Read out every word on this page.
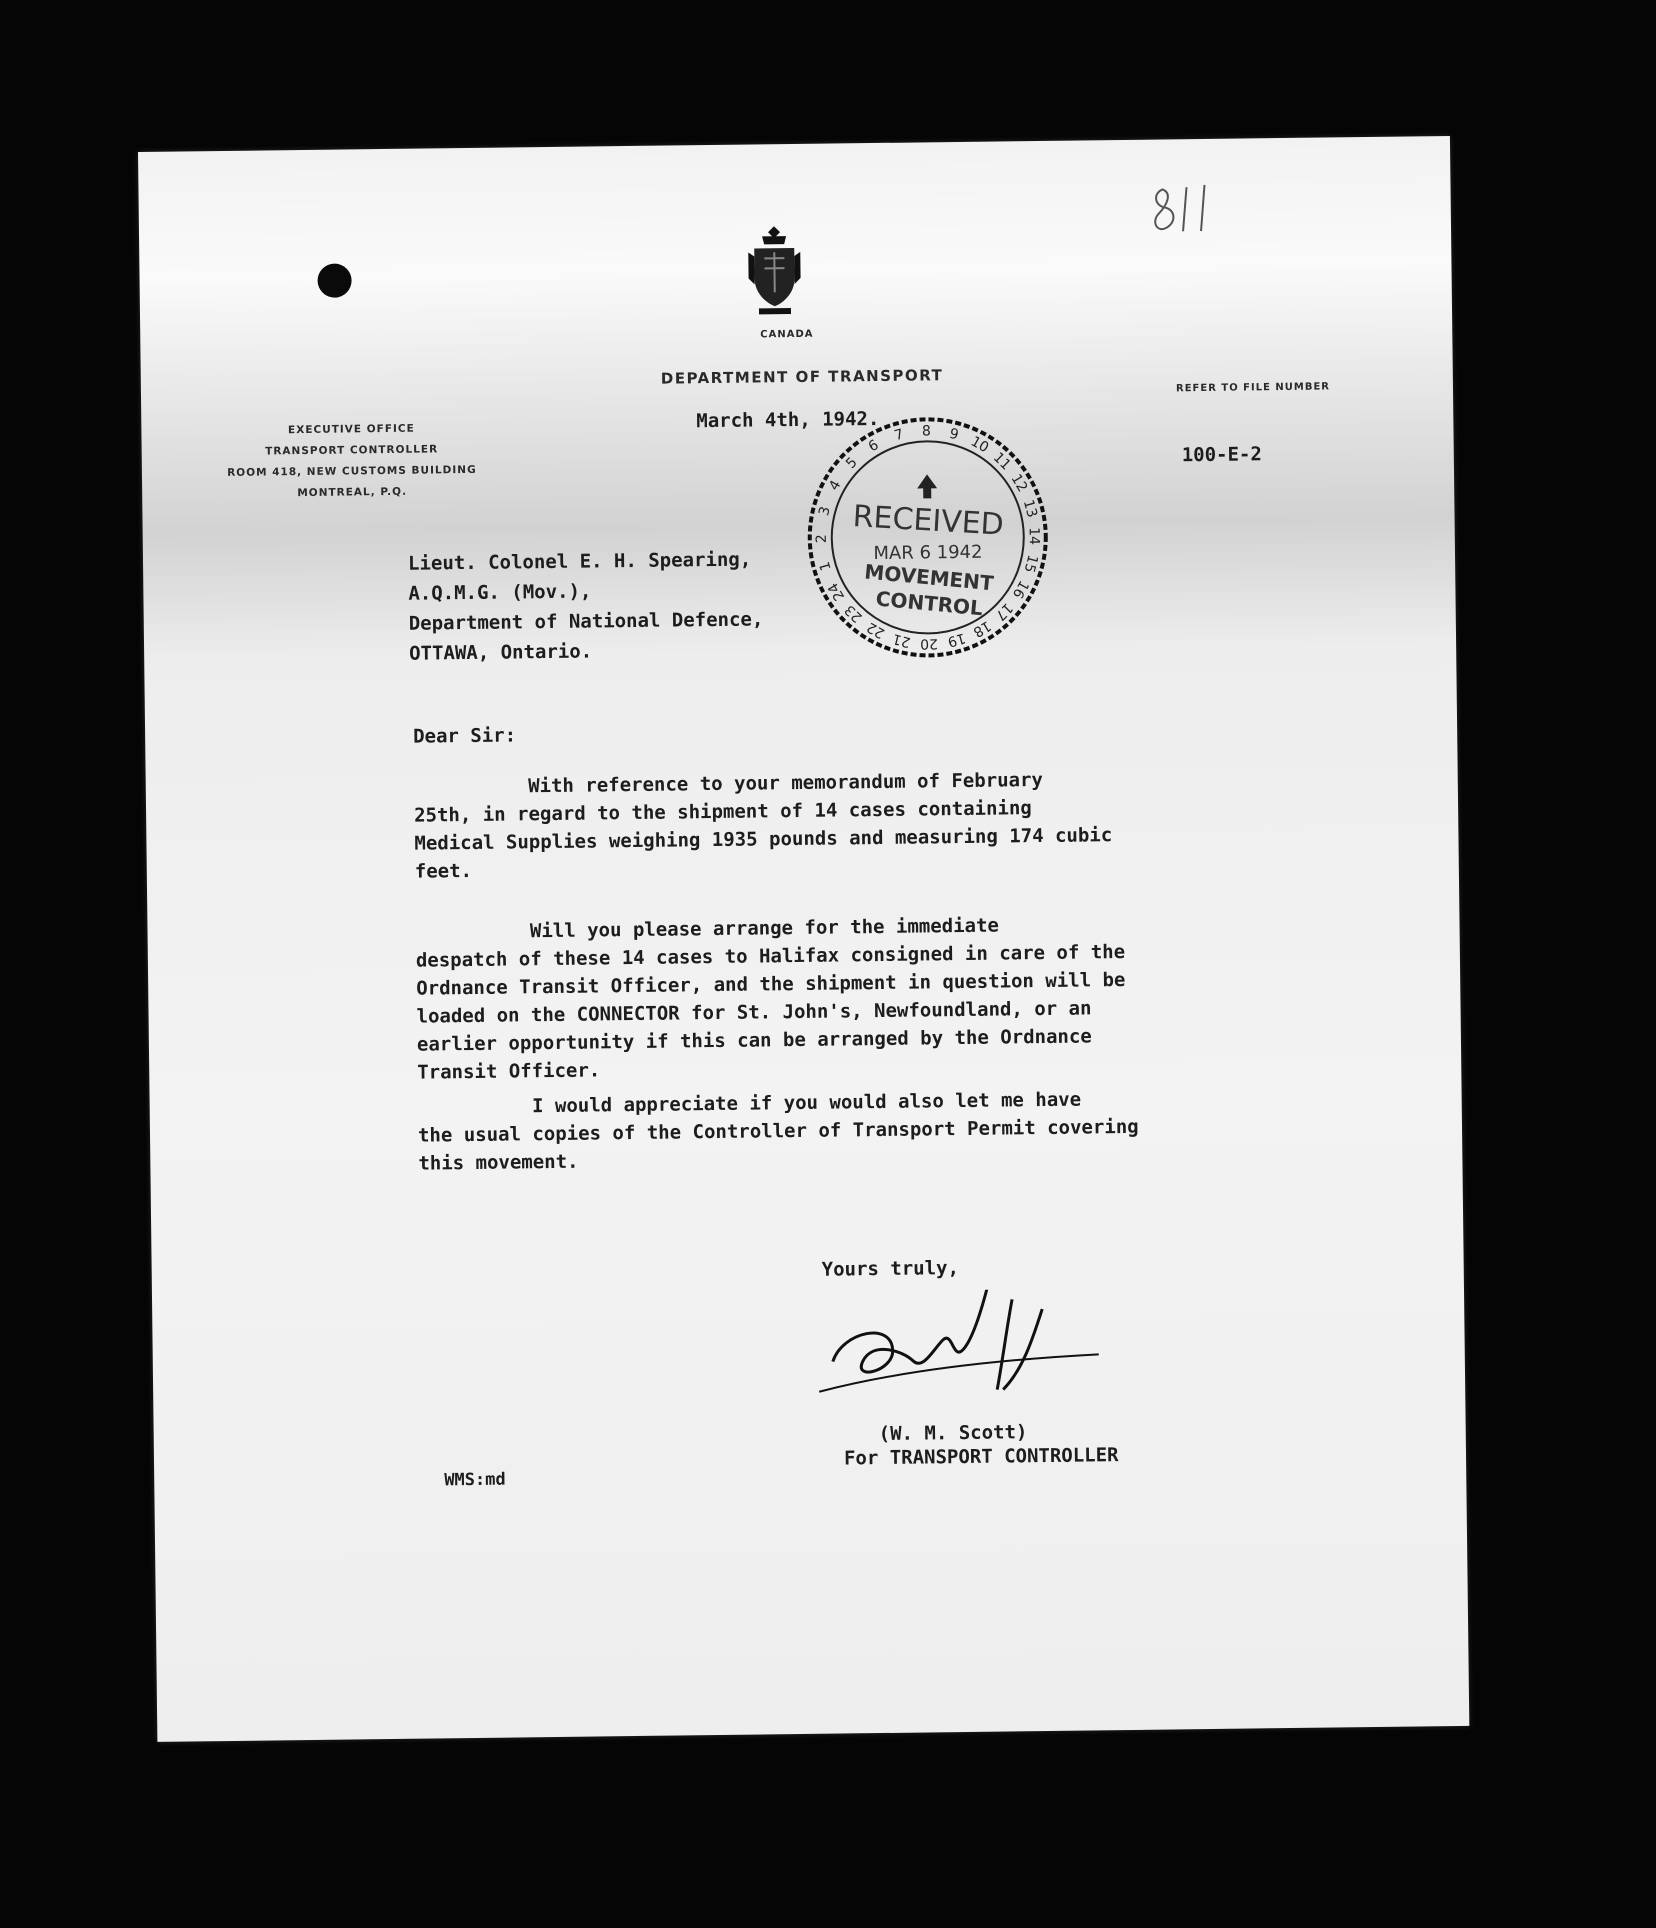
CANADA
DEPARTMENT OF TRANSPORT
EXECUTIVE OFFICE
TRANSPORT CONTROLLER
ROOM 418, NEW CUSTOMS BUILDING
MONTREAL, P.Q.
REFER TO FILE NUMBER
March 4th, 1942.
100-E-2
8 9 10
11
12
13
14
15
16
17
18
19
20
21
22
23
24
1
2
3
4
5
6
7
RECEIVED
MAR 6 1942
MOVEMENT
CONTROL
Lieut. Colonel E. H. Spearing,
A.Q.M.G. (Mov.),
Department of National Defence,
OTTAWA, Ontario.
Dear Sir:
With reference to your memorandum of February
25th, in regard to the shipment of 14 cases containing
Medical Supplies weighing 1935 pounds and measuring 174 cubic
feet.
Will you please arrange for the immediate
despatch of these 14 cases to Halifax consigned in care of the
Ordnance Transit Officer, and the shipment in question will be
loaded on the CONNECTOR for St. John's, Newfoundland, or an
earlier opportunity if this can be arranged by the Ordnance
Transit Officer.
I would appreciate if you would also let me have
the usual copies of the Controller of Transport Permit covering
this movement.
Yours truly,
(W. M. Scott)
For TRANSPORT CONTROLLER
WMS:md
